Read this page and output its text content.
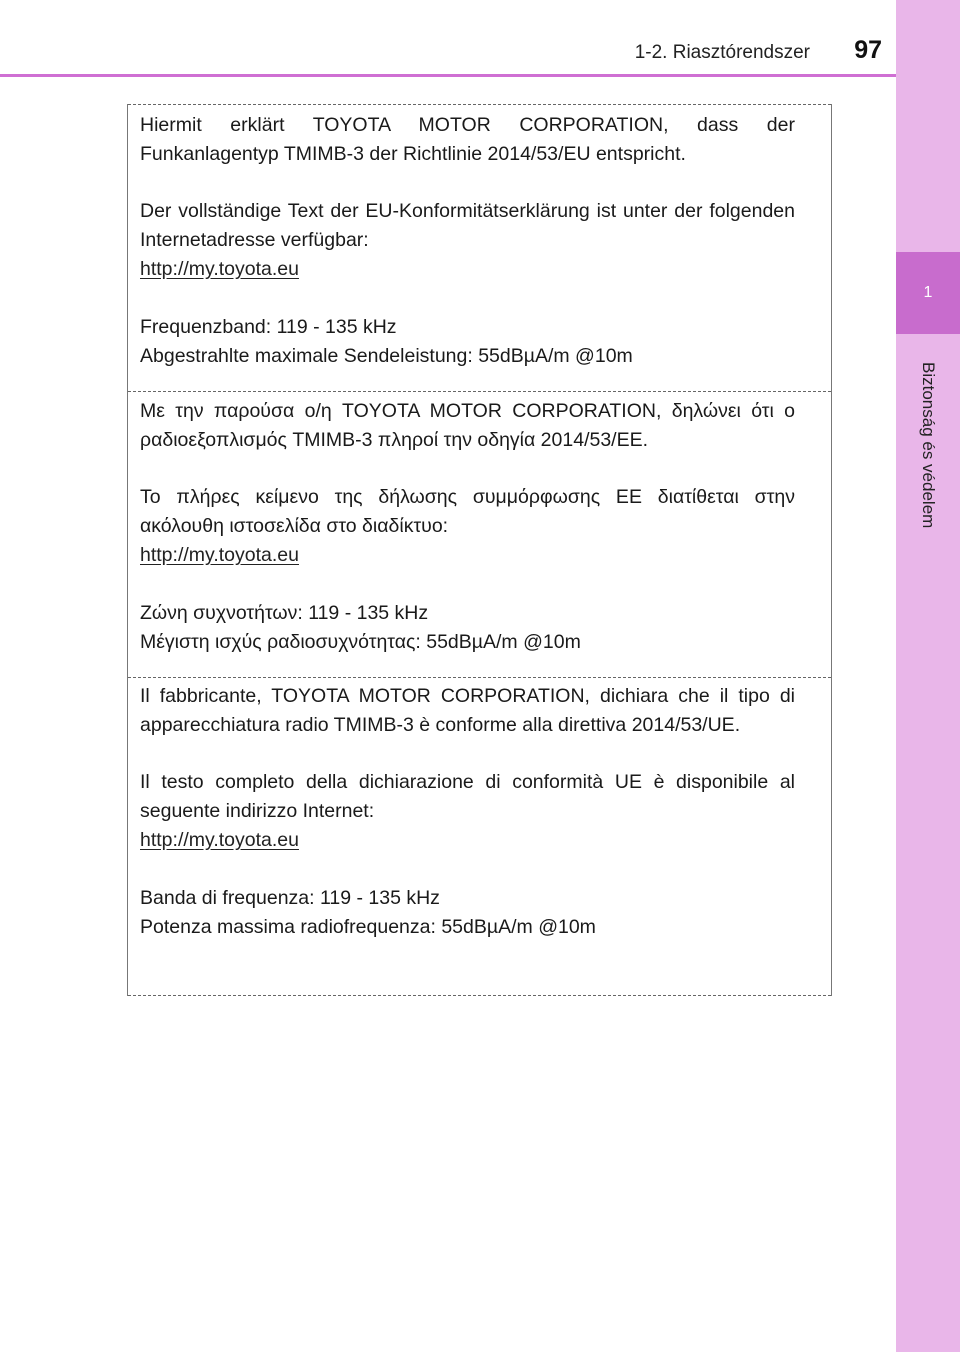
1-2. Riasztórendszer 97
1
Biztonság és védelem

Hiermit erklärt TOYOTA MOTOR CORPORATION, dass der Funkanlagentyp TMIMB-3 der Richtlinie 2014/53/EU entspricht.

Der vollständige Text der EU-Konformitätserklärung ist unter der folgenden Internetadresse verfügbar:

http://my.toyota.eu

Frequenzband: 119 - 135 kHz

Abgestrahlte maximale Sendeleistung: 55dBµA/m @10m

Με την παρούσα ο/η TOYOTA MOTOR CORPORATION, δηλώνει ότι ο ραδιοεξοπλισμός TMIMB-3 πληροί την οδηγία 2014/53/ΕΕ.

Το πλήρες κείμενο της δήλωσης συμμόρφωσης ΕΕ διατίθεται στην ακόλουθη ιστοσελίδα στο διαδίκτυο:

http://my.toyota.eu

Ζώνη συχνοτήτων: 119 - 135 kHz

Μέγιστη ισχύς ραδιοσυχνότητας: 55dBµA/m @10m

Il fabbricante, TOYOTA MOTOR CORPORATION, dichiara che il tipo di apparecchiatura radio TMIMB-3 è conforme alla direttiva 2014/53/UE.

Il testo completo della dichiarazione di conformità UE è disponibile al seguente indirizzo Internet:

http://my.toyota.eu

Banda di frequenza: 119 - 135 kHz

Potenza massima radiofrequenza: 55dBµA/m @10m
